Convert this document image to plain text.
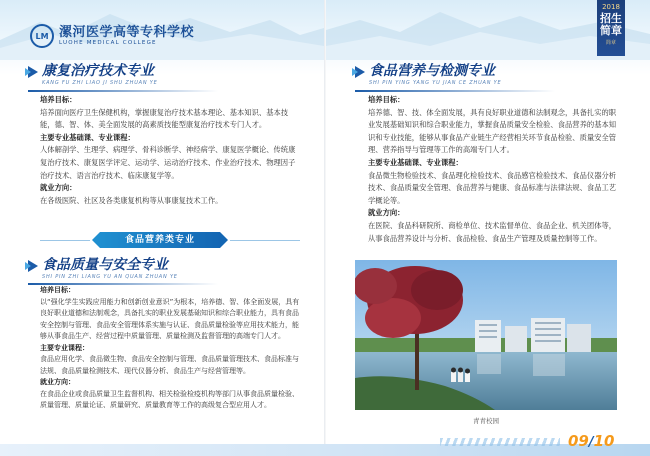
LM 漯河医学高等专科学校
LUOHE MEDICAL COLLEGE
2018
招生简章
简章
康复治疗技术专业
KANG FU ZHI LIAO JI SHU ZHUAN YE
培养目标：

培养面向医疗卫生保健机构，掌握康复治疗技术基本理论、基本知识、基本技能，德、智、体、美全面发展的高素质技能型康复治疗技术专门人才。

主要专业基础课、专业课程：

人体解剖学、生理学、病理学、骨科诊断学、神经病学、康复医学概论、传统康复治疗技术、康复医学评定、运动学、运动治疗技术、作业治疗技术、物理因子治疗技术、语言治疗技术、临床康复学等。

就业方向：

在各级医院、社区及各类康复机构等从事康复技术工作。

食品营养类专业
食品质量与安全专业
SHI PIN ZHI LIANG YU AN QUAN ZHUAN YE
培养目标：

以“强化学生实践应用能力和创新创业意识”为根本，培养德、智、体全面发展，具有良好职业道德和法制观念，具备扎实的职业发展基础知识和综合职业能力，具有食品安全控制与管理、食品安全管理体系实施与认证、食品质量检验等应用技术能力，能够从事食品生产、经营过程中质量管理、质量检测及监督管理的高端专门人才。

主要专业课程：

食品应用化学、食品微生物、食品安全控制与管理、食品质量管理技术、食品标准与法规、食品质量检测技术、现代仪器分析、食品生产与经营管理等。

就业方向：

在食品企业或食品质量卫生监督机构、相关检验检疫机构等部门从事食品质量检验、质量管理、质量论证、质量研究、质量教育等工作的高级复合型应用人才。

食品营养与检测专业
SHI PIN YING YANG YU JIAN CE ZHUAN YE
培养目标：

培养德、智、技、体全面发展，具有良好职业道德和法制观念，具备扎实的职业发展基础知识和综合职业能力，掌握食品质量安全检验、食品营养的基本知识和专业技能，能够从事食品产业链生产经营相关环节食品检验、质量安全管理、营养指导与管理等工作的高端专门人才。

主要专业基础课、专业课程：

食品微生物检验技术、食品理化检验技术、食品感官检验技术、食品仪器分析技术、食品质量安全管理、食品营养与健康、食品标准与法律法规、食品工艺学概论等。

就业方向：

在医院、食品科研院所、商检单位、技术监督单位、食品企业、机关团体等，从事食品营养设计与分析、食品检验、食品生产管理及质量控制等工作。

青青校园
09/10
